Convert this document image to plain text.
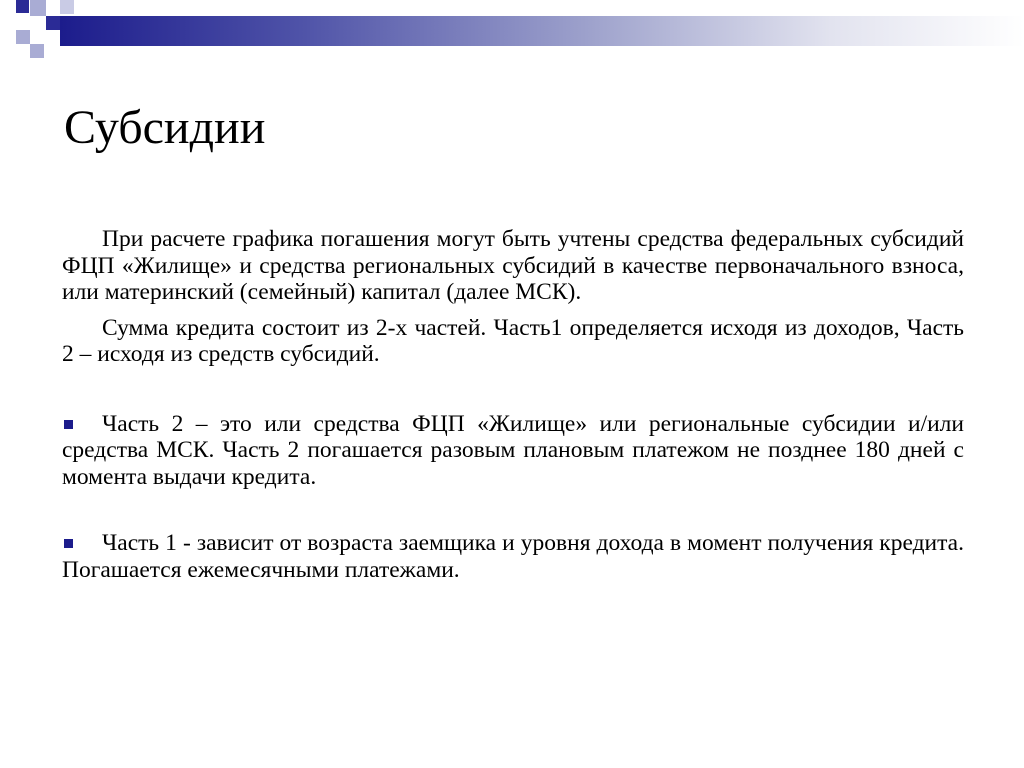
Субсидии

При расчете графика погашения могут быть учтены средства федеральных субсидий ФЦП «Жилище» и средства региональных субсидий в качестве первоначального взноса, или материнский (семейный) капитал (далее МСК).

Сумма кредита состоит из 2-х частей. Часть1 определяется исходя из доходов, Часть 2 – исходя из средств субсидий.

Часть 2 – это или средства ФЦП «Жилище» или региональные субсидии и/или средства МСК. Часть 2 погашается разовым плановым платежом не позднее 180 дней с момента выдачи кредита.
Часть 1 - зависит от возраста заемщика и уровня дохода в момент получения кредита. Погашается ежемесячными платежами.
